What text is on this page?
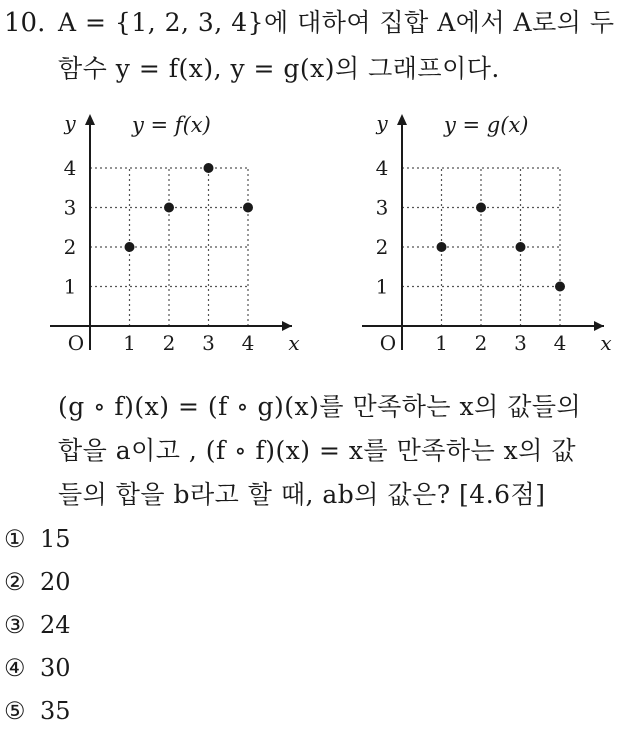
10. A = {1, 2, 3, 4}에 대하여 집합 A에서 A로의 두
함수 y = f(x), y = g(x)의 그래프이다.
x
y
O
y = f(x)
1 2 3 4
1
2
3
4
x
y
O
y = g(x)
1 2 3 4
1
2
3
4
(g ∘ f)(x) = (f ∘ g)(x)를 만족하는 x의 값들의
합을 a이고 , (f ∘ f)(x) = x를 만족하는 x의 값
들의 합을 b라고 할 때, ab의 값은? [4.6점]
① 15
② 20
③ 24
④ 30
⑤ 35
